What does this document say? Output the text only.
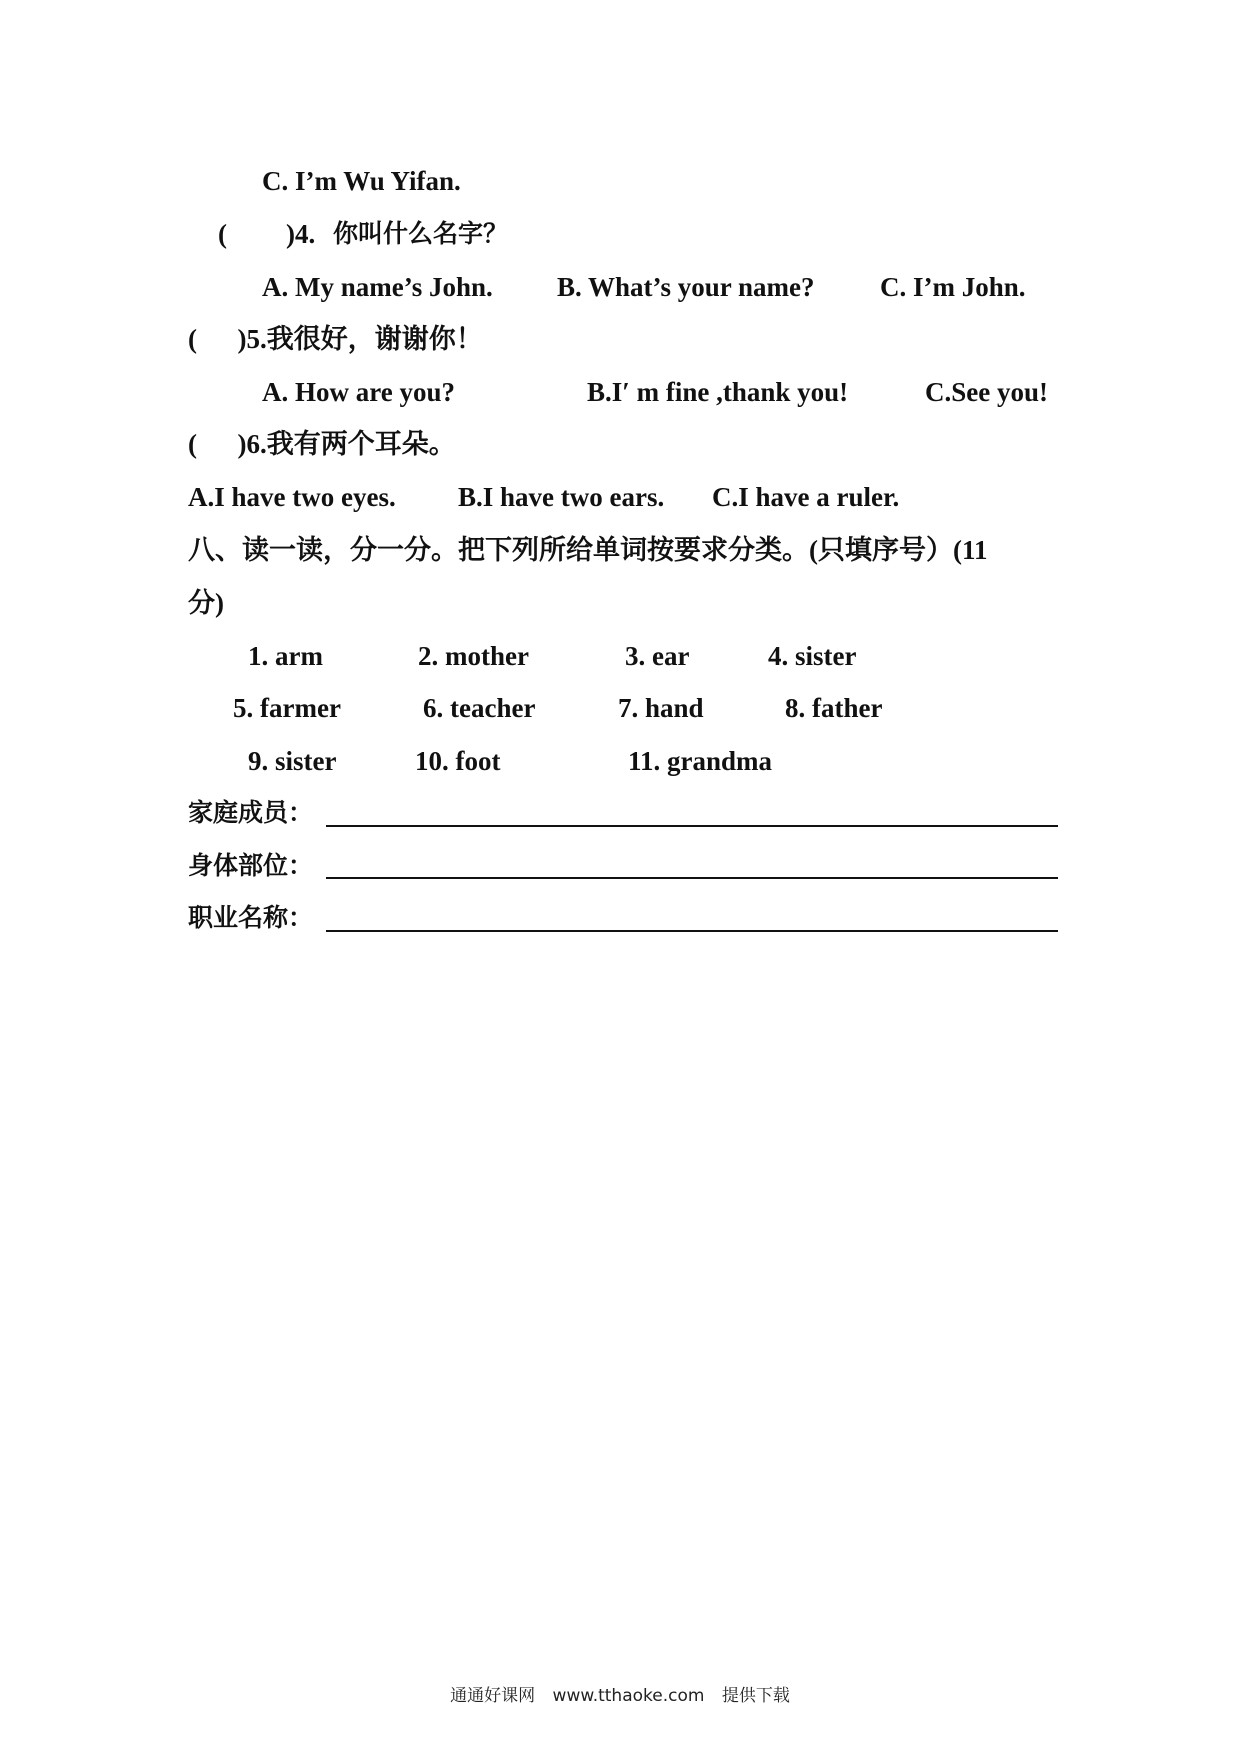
C. I’m Wu Yifan.
( )4. 你叫什么名字？
A. My name’s John. B. What’s your name? C. I’m John.
(      )5.我很好，谢谢你！
A. How are you?	B.I′ m fine ,thank you!	C.See you!
(      )6.我有两个耳朵。
A.I have two eyes. B.I have two ears. C.I have a ruler.
八、读一读，分一分。把下列所给单词按要求分类。(只填序号）(11
分)
1. arm	2. mother	3. ear	4. sister
5. farmer	6. teacher	7. hand	8. father
9. sister	10. foot	11. grandma
家庭成员：
身体部位：
职业名称：
通通好课网 www.tthaoke.com 提供下载
